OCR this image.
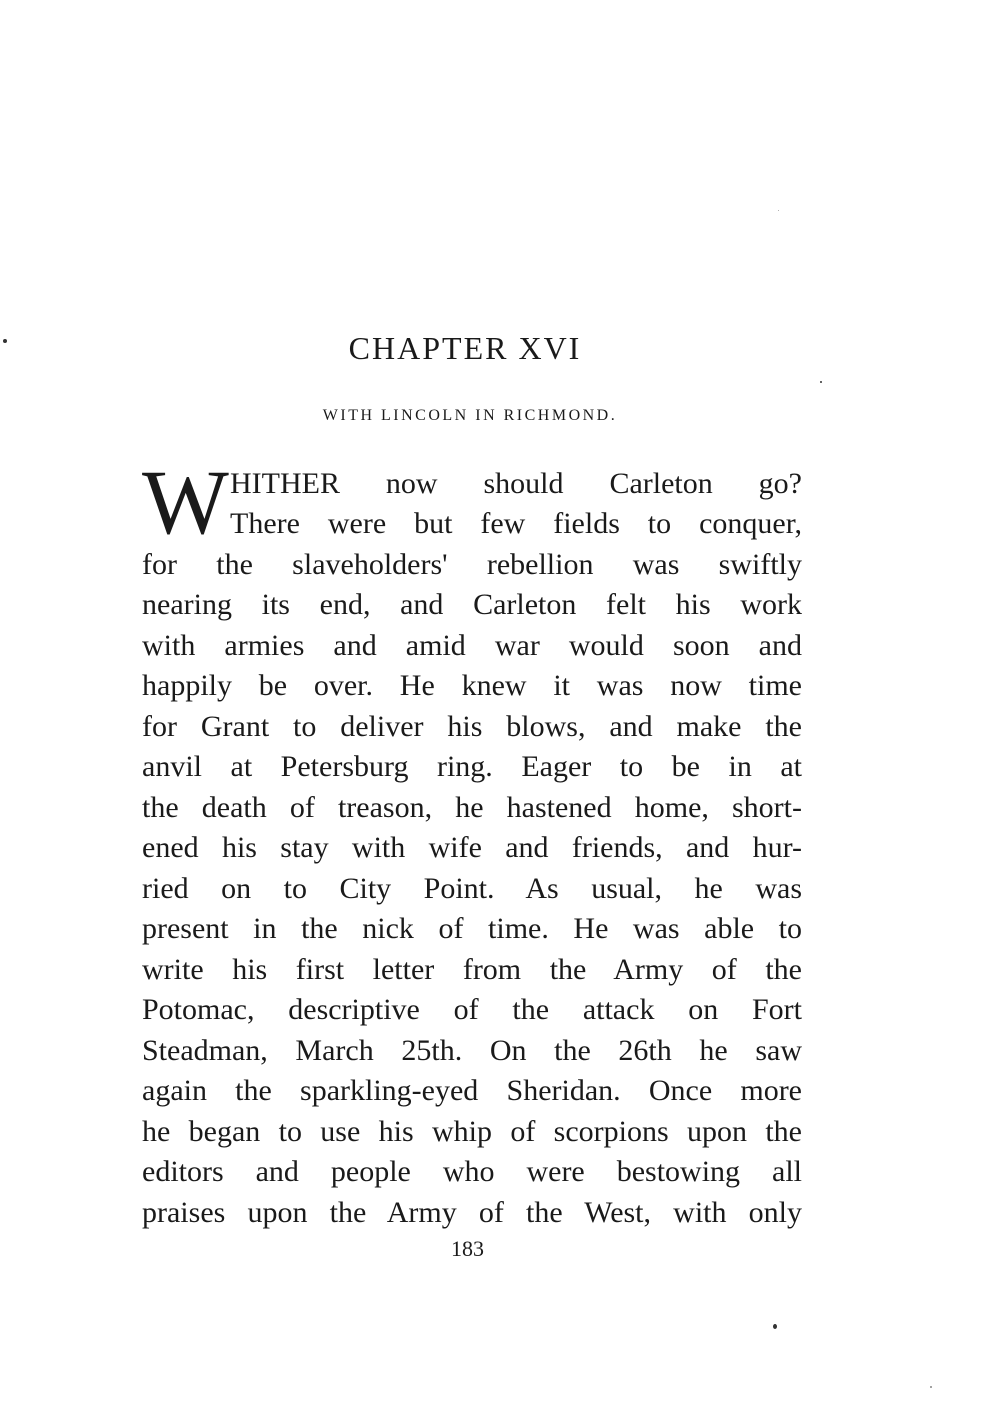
CHAPTER XVI
WITH LINCOLN IN RICHMOND.
W HITHER now should Carleton go?
There were but few fields to conquer,
for the slaveholders' rebellion was swiftly
nearing its end, and Carleton felt his work
with armies and amid war would soon and
happily be over. He knew it was now time
for Grant to deliver his blows, and make the
anvil at Petersburg ring. Eager to be in at
the death of treason, he hastened home, short-
ened his stay with wife and friends, and hur-
ried on to City Point. As usual, he was
present in the nick of time. He was able to
write his first letter from the Army of the
Potomac, descriptive of the attack on Fort
Steadman, March 25th. On the 26th he saw
again the sparkling-eyed Sheridan. Once more
he began to use his whip of scorpions upon the
editors and people who were bestowing all
praises upon the Army of the West, with only
183
